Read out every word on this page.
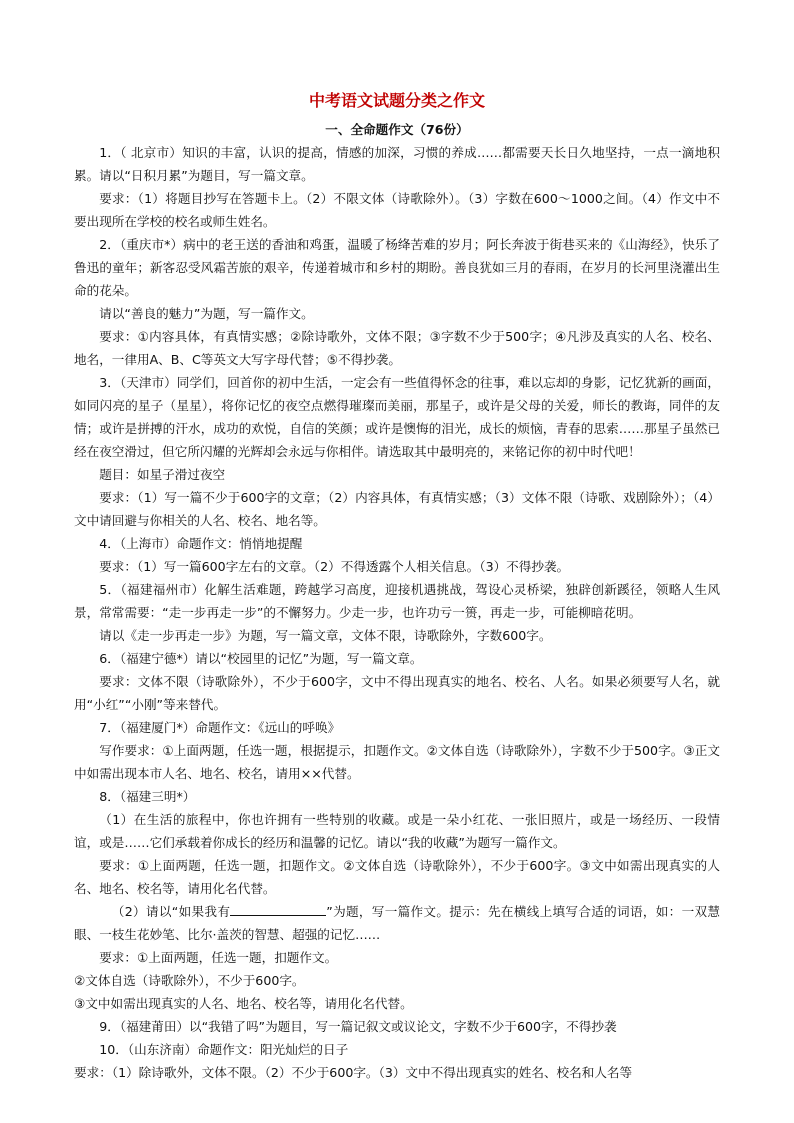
中考语文试题分类之作文
一、全命题作文（76份）

1．（ 北京市）知识的丰富，认识的提高，情感的加深，习惯的养成……都需要天长日久地坚持，一点一滴地积累。请以“日积月累”为题目，写一篇文章。

要求：（1）将题目抄写在答题卡上。（2）不限文体（诗歌除外）。（3）字数在600～1000之间。（4）作文中不要出现所在学校的校名或师生姓名。

2．（重庆市*）病中的老王送的香油和鸡蛋，温暖了杨绛苦难的岁月；阿长奔波于街巷买来的《山海经》，快乐了鲁迅的童年；新客忍受风霜苦旅的艰辛，传递着城市和乡村的期盼。善良犹如三月的春雨，在岁月的长河里浇灌出生命的花朵。

请以“善良的魅力”为题，写一篇作文。

要求：①内容具体，有真情实感；②除诗歌外，文体不限；③字数不少于500字；④凡涉及真实的人名、校名、地名，一律用A、B、C等英文大写字母代替；⑤不得抄袭。

3．（天津市）同学们，回首你的初中生活，一定会有一些值得怀念的往事，难以忘却的身影，记忆犹新的画面，如同闪亮的星子（星星），将你记忆的夜空点燃得璀璨而美丽，那星子，或许是父母的关爱，师长的教诲，同伴的友情；或许是拼搏的汗水，成功的欢悦，自信的笑颜；或许是懊悔的泪光，成长的烦恼，青春的思索……那星子虽然已经在夜空滑过，但它所闪耀的光辉却会永远与你相伴。请选取其中最明亮的，来铭记你的初中时代吧！

题目：如星子滑过夜空

要求：（1）写一篇不少于600字的文章；（2）内容具体，有真情实感；（3）文体不限（诗歌、戏剧除外）；（4）文中请回避与你相关的人名、校名、地名等。

4．（上海市）命题作文：悄悄地提醒

要求：（1）写一篇600字左右的文章。（2）不得透露个人相关信息。（3）不得抄袭。

5．（福建福州市）化解生活难题，跨越学习高度，迎接机遇挑战，驾设心灵桥梁，独辟创新蹊径，领略人生风景，常常需要：“走一步再走一步”的不懈努力。少走一步，也许功亏一篑，再走一步，可能柳暗花明。

请以《走一步再走一步》为题，写一篇文章，文体不限，诗歌除外，字数600字。

6．（福建宁德*）请以“校园里的记忆”为题，写一篇文章。

要求：文体不限（诗歌除外），不少于600字，文中不得出现真实的地名、校名、人名。如果必须要写人名，就用“小红”“小刚”等来替代。

7．（福建厦门*）命题作文：《远山的呼唤》

写作要求：①上面两题，任选一题，根据提示，扣题作文。②文体自选（诗歌除外），字数不少于500字。③正文中如需出现本市人名、地名、校名，请用××代替。

8．（福建三明*）

（1）在生活的旅程中，你也许拥有一些特别的收藏。或是一朵小红花、一张旧照片，或是一场经历、一段情谊，或是……它们承载着你成长的经历和温馨的记忆。请以“我的收藏”为题写一篇作文。

要求：①上面两题，任选一题，扣题作文。②文体自选（诗歌除外），不少于600字。③文中如需出现真实的人名、地名、校名等，请用化名代替。

（2）请以“如果我有	”为题，写一篇作文。提示：先在横线上填写合适的词语，如：一双慧眼、一枝生花妙笔、比尔·盖茨的智慧、超强的记忆……

要求：①上面两题，任选一题，扣题作文。

②文体自选（诗歌除外），不少于600字。

③文中如需出现真实的人名、地名、校名等，请用化名代替。

9．（福建莆田）以“我错了吗”为题目，写一篇记叙文或议论文，字数不少于600字，不得抄袭

10．（山东济南）命题作文：阳光灿烂的日子

要求：（1）除诗歌外，文体不限。（2）不少于600字。（3）文中不得出现真实的姓名、校名和人名等
